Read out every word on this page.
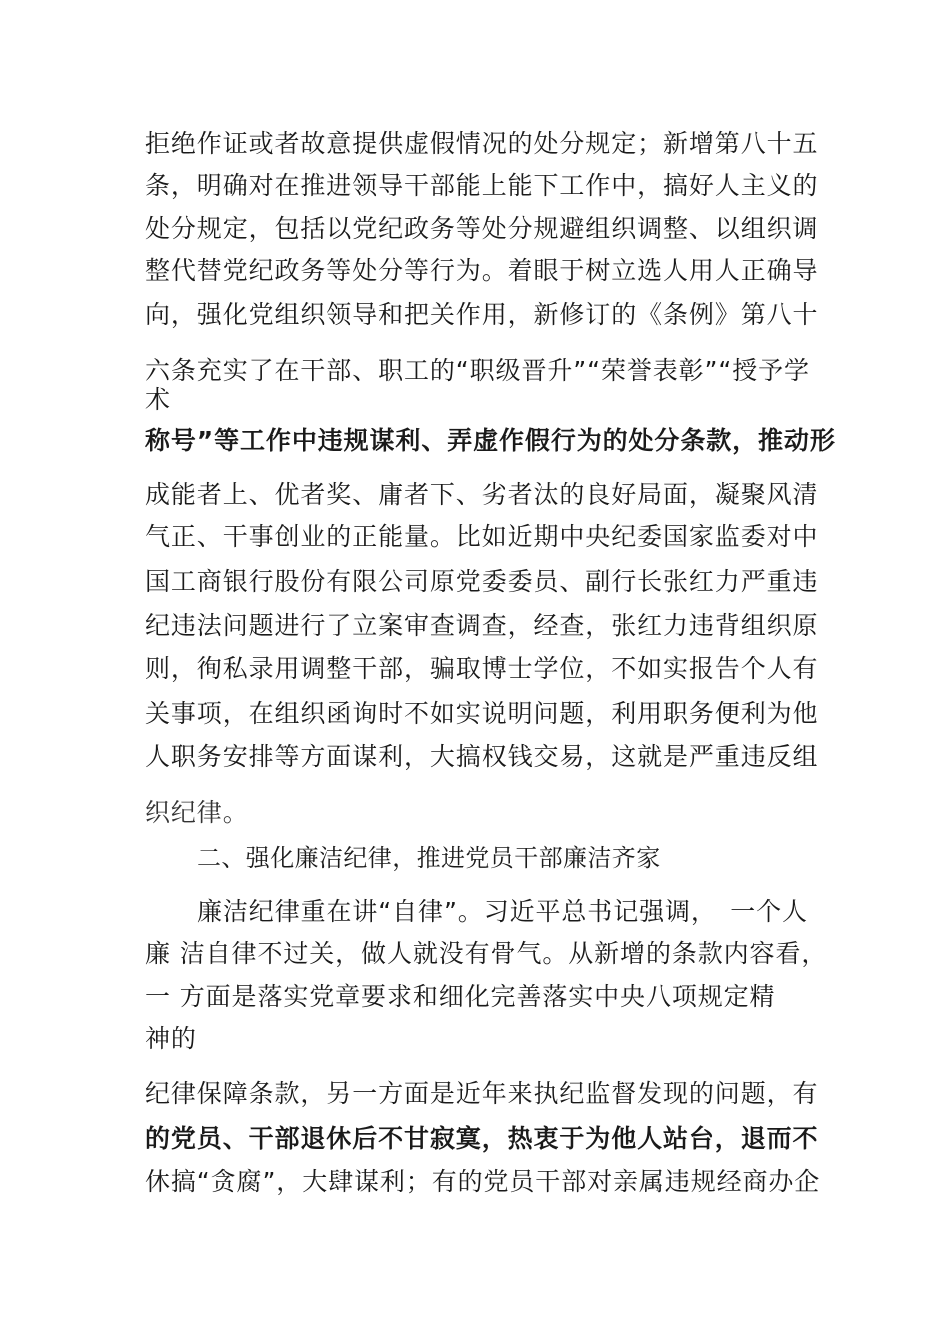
拒绝作证或者故意提供虚假情况的处分规定；新增第八十五

条，明确对在推进领导干部能上能下工作中，搞好人主义的

处分规定，包括以党纪政务等处分规避组织调整、以组织调

整代替党纪政务等处分等行为。着眼于树立选人用人正确导

向，强化党组织领导和把关作用，新修订的《条例》第八十

六条充实了在干部、职工的“职级晋升”“荣誉表彰”“授予学

术

称号”等工作中违规谋利、弄虚作假行为的处分条款，推动形

成能者上、优者奖、庸者下、劣者汰的良好局面，凝聚风清

气正、干事创业的正能量。比如近期中央纪委国家监委对中

国工商银行股份有限公司原党委委员、副行长张红力严重违

纪违法问题进行了立案审查调查，经查，张红力违背组织原

则，徇私录用调整干部，骗取博士学位，不如实报告个人有

关事项，在组织函询时不如实说明问题，利用职务便利为他

人职务安排等方面谋利，大搞权钱交易，这就是严重违反组

织纪律。

二、强化廉洁纪律，推进党员干部廉洁齐家

廉洁纪律重在讲“自律”。习近平总书记强调，　一个人

廉 洁自律不过关，做人就没有骨气。从新增的条款内容看，

一 方面是落实党章要求和细化完善落实中央八项规定精

神的

纪律保障条款，另一方面是近年来执纪监督发现的问题，有

的党员、干部退休后不甘寂寞，热衷于为他人站台，退而不

休搞“贪腐”，大肆谋利；有的党员干部对亲属违规经商办企
